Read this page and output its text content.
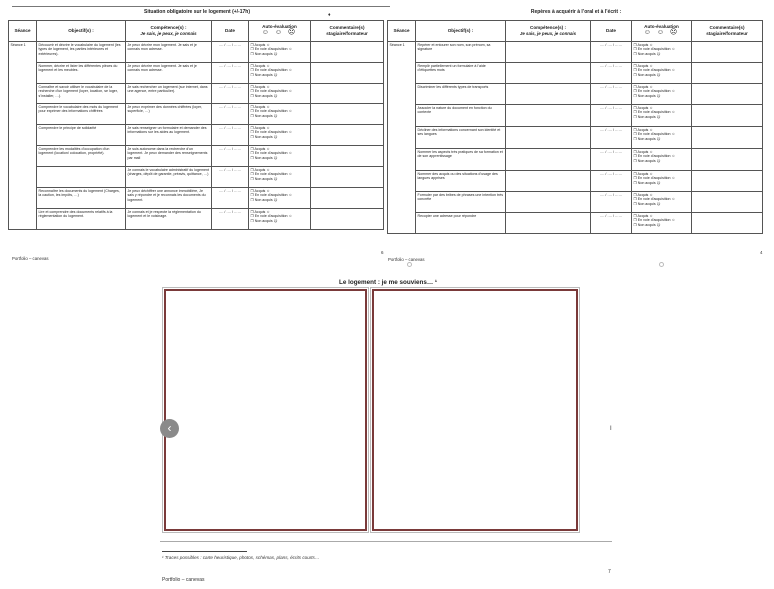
Situation obligatoire sur le logement (+/-17h)
Séance	Objectif(s) :	Compétence(s) :
Je sais, je peux, je connais	Date	Auto-évaluation
☺ ☺ ☹	Commentaire(s) stagiaire/formateur
Séance 1	Découvrir et décrire le vocabulaire du logement (les types de logement, les parties intérieures et extérieures).	Je peux décrire mon logement. Je sais et je connais mon adresse.	…. / …. / ……	❒ Acquis ☺
❒ En voie d’acquisition ☺
❒ Non acquis ☹	

	Nommer, décrire et lister les différentes pièces du logement et les meubles.	Je peux décrire mon logement. Je sais et je connais mon adresse.	…. / …. / ……	❒ Acquis ☺
❒ En voie d’acquisition ☺
❒ Non acquis ☹	

	Connaître et savoir utiliser le vocabulaire de la recherche d’un logement (loyer, location, se loger, s’installer, …).	Je sais rechercher un logement (sur internet, dans une agence, entre particulier).	…. / …. / ……	❒ Acquis ☺
❒ En voie d’acquisition ☺
❒ Non acquis ☹	

	Comprendre le vocabulaire des mots du logement pour exprimer des informations chiffrées	Je peux exprimer des données chiffrées (loyer, superficie, …)	…. / …. / ……	❒ Acquis ☺
❒ En voie d’acquisition ☺
❒ Non acquis ☹	

	Comprendre le principe de solidarité	Je sais renseigner un formulaire et demander des informations sur les aides au logement.	…. / …. / ……	❒ Acquis ☺
❒ En voie d’acquisition ☺
❒ Non acquis ☹	

	Comprendre les modalités d’occupation d’un logement (location/ colocation, propriété).	Je suis autonome dans la recherche d’un logement. Je peux demander des renseignements par mail	…. / …. / ……	❒ Acquis ☺
❒ En voie d’acquisition ☺
❒ Non acquis ☹	

		Je connais le vocabulaire administratif du logement (charges, dépôt de garantie, préavis, quittance, …)	…. / …. / ……	❒ Acquis ☺
❒ En voie d’acquisition ☺
❒ Non acquis ☹	

	Reconnaître les documents du logement (Charges, la caution, les impôts, …)	Je peux déchiffrer une annonce immobilière, Je sais y répondre et je reconnais les documents du logement.	…. / …. / ……	❒ Acquis ☺
❒ En voie d’acquisition ☺
❒ Non acquis ☹	

	Lire et comprendre des documents relatifs à la réglementation du logement.	Je connais et je respecte la réglementation du logement et le voisinage.	…. / …. / ……	❒ Acquis ☺
❒ En voie d’acquisition ☺
❒ Non acquis ☹	

Portfolio – canevas
6
♦	Repères à acquérir à l’oral et à l’écrit :
Séance	Objectif(s) :	Compétence(s) :
Je sais, je peux, je connais	Date	Auto-évaluation
☺ ☺ ☹	Commentaire(s) stagiaire/formateur
Séance 1	Repérer et entourer son nom, son prénom, sa signature		…. / …. / ……	❒ Acquis ☺
❒ En voie d’acquisition ☺
❒ Non acquis ☹	

	Remplir partiellement un formulaire à l’aide d’étiquettes mots		…. / …. / ……	❒ Acquis ☺
❒ En voie d’acquisition ☺
❒ Non acquis ☹	

	Discriminer les différents types de transports		…. / …. / ……	❒ Acquis ☺
❒ En voie d’acquisition ☺
❒ Non acquis ☹	

	Associer la nature du document en fonction du contexte		…. / …. / ……	❒ Acquis ☺
❒ En voie d’acquisition ☺
❒ Non acquis ☹	

	Décliner des informations concernant son identité et ses langues		…. / …. / ……	❒ Acquis ☺
❒ En voie d’acquisition ☺
❒ Non acquis ☹	

	Nommer les aspects très pratiques de sa formation et de son apprentissage		…. / …. / ……	❒ Acquis ☺
❒ En voie d’acquisition ☺
❒ Non acquis ☹	

	Nommer des acquis ou des situations d’usage des langues apprises		…. / …. / ……	❒ Acquis ☺
❒ En voie d’acquisition ☺
❒ Non acquis ☹	

	Formuler par des bribes de phrases une intention très concrète		…. / …. / ……	❒ Acquis ☺
❒ En voie d’acquisition ☺
❒ Non acquis ☹	

	Recopier une adresse pour répondre		…. / …. / ……	❒ Acquis ☺
❒ En voie d’acquisition ☺
❒ Non acquis ☹	

Portfolio – canevas
4
Le logement : je me souviens… ¹
‹	I
¹ Traces possibles : carte heuristique, photos, schémas, plans, écrits courts…
Portfolio – canevas
7
